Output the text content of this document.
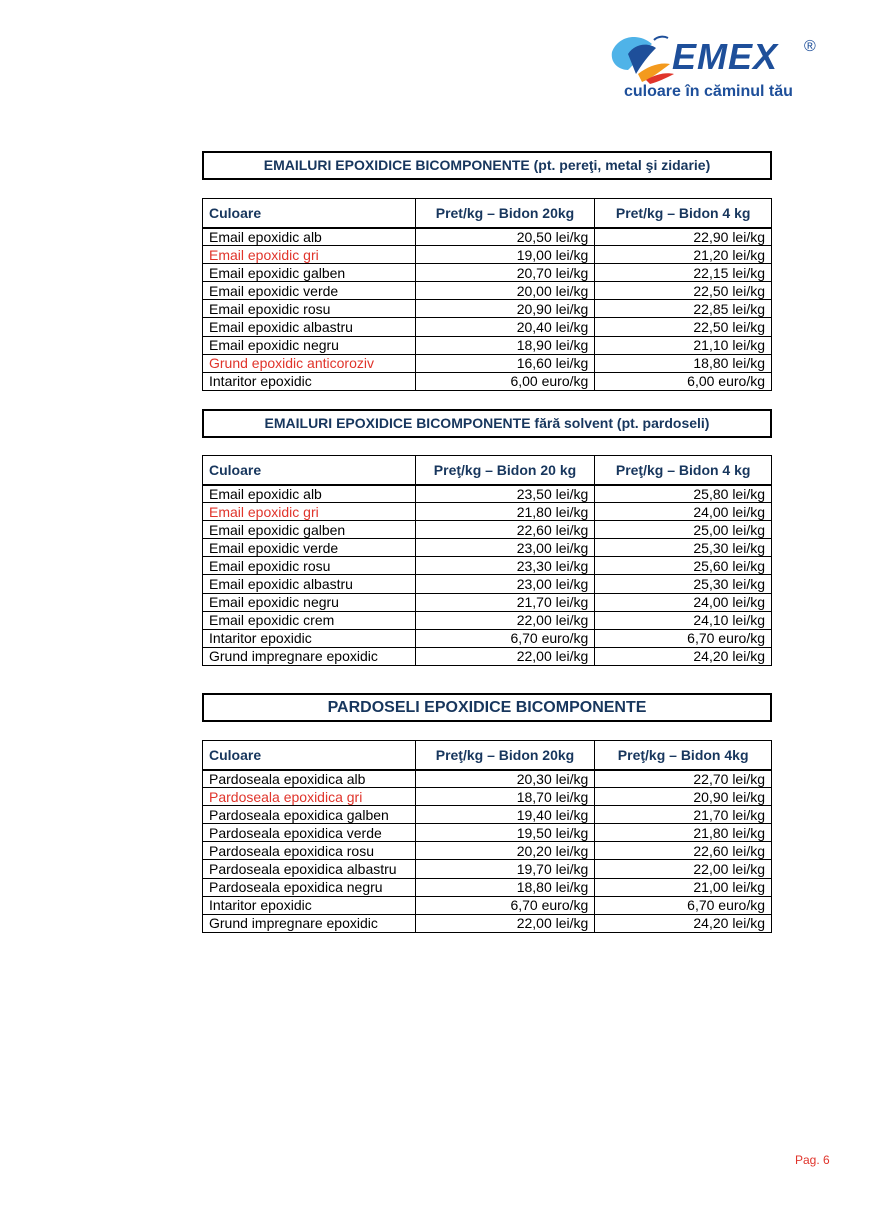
EMEX ®
culoare în căminul tău
EMAILURI EPOXIDICE BICOMPONENTE (pt. pereţi, metal şi zidarie)
Culoare	Pret/kg – Bidon 20kg	Pret/kg – Bidon 4 kg
Email epoxidic alb	20,50 lei/kg	22,90 lei/kg
Email epoxidic gri	19,00 lei/kg	21,20 lei/kg
Email epoxidic galben	20,70 lei/kg	22,15 lei/kg
Email epoxidic verde	20,00 lei/kg	22,50 lei/kg
Email epoxidic rosu	20,90 lei/kg	22,85 lei/kg
Email epoxidic albastru	20,40 lei/kg	22,50 lei/kg
Email epoxidic negru	18,90 lei/kg	21,10 lei/kg
Grund epoxidic anticoroziv	16,60 lei/kg	18,80 lei/kg
Intaritor epoxidic	6,00 euro/kg	6,00 euro/kg
EMAILURI EPOXIDICE BICOMPONENTE fără solvent (pt. pardoseli)
Culoare	Preţ/kg – Bidon 20 kg	Preţ/kg – Bidon 4 kg
Email epoxidic alb	23,50 lei/kg	25,80 lei/kg
Email epoxidic gri	21,80 lei/kg	24,00 lei/kg
Email epoxidic galben	22,60 lei/kg	25,00 lei/kg
Email epoxidic verde	23,00 lei/kg	25,30 lei/kg
Email epoxidic rosu	23,30 lei/kg	25,60 lei/kg
Email epoxidic albastru	23,00 lei/kg	25,30 lei/kg
Email epoxidic negru	21,70 lei/kg	24,00 lei/kg
Email epoxidic crem	22,00 lei/kg	24,10 lei/kg
Intaritor epoxidic	6,70 euro/kg	6,70 euro/kg
Grund impregnare epoxidic	22,00 lei/kg	24,20 lei/kg
PARDOSELI EPOXIDICE BICOMPONENTE
Culoare	Preţ/kg – Bidon 20kg	Preţ/kg – Bidon 4kg
Pardoseala epoxidica alb	20,30 lei/kg	22,70 lei/kg
Pardoseala epoxidica gri	18,70 lei/kg	20,90 lei/kg
Pardoseala epoxidica galben	19,40 lei/kg	21,70 lei/kg
Pardoseala epoxidica verde	19,50 lei/kg	21,80 lei/kg
Pardoseala epoxidica rosu	20,20 lei/kg	22,60 lei/kg
Pardoseala epoxidica albastru	19,70 lei/kg	22,00 lei/kg
Pardoseala epoxidica negru	18,80 lei/kg	21,00 lei/kg
Intaritor epoxidic	6,70 euro/kg	6,70 euro/kg
Grund impregnare epoxidic	22,00 lei/kg	24,20 lei/kg
Pag. 6
